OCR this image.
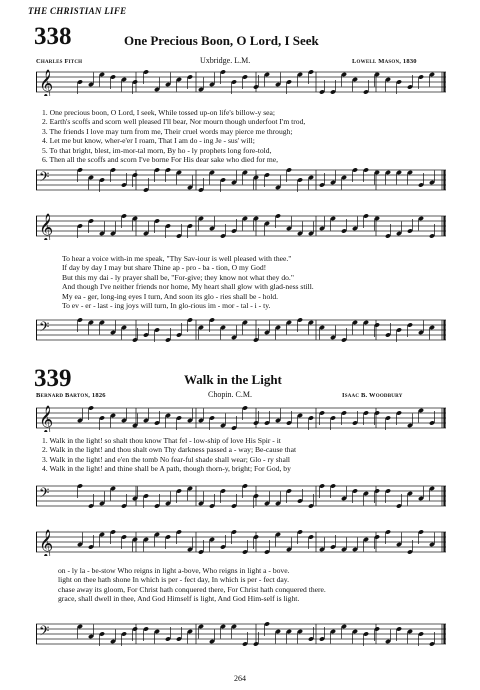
THE CHRISTIAN LIFE
338	One Precious Boon, O Lord, I Seek
Charles Fitch	Uxbridge. L.M.	Lowell Mason, 1830
𝄞
1. One precious boon, O Lord, I seek, While tossed up-on life's billow-y sea;
2. Earth's scoffs and scorn well pleased I'll bear, Nor mourn though underfoot I'm trod,
3. The friends I love may turn from me, Their cruel words may pierce me through;
4. Let me but know, wher-e'er I roam, That I am do - ing Je - sus' will;
5. To that bright, blest, im-mor-tal morn, By ho - ly prophets long fore-told,
6. Then all the scoffs and scorn I've borne For His dear sake who died for me,
𝄢
𝄞
To hear a voice with-in me speak, "Thy Sav-iour is well pleased with thee."
If day by day I may but share Thine ap - pro - ba - tion, O my God!
But this my dai - ly prayer shall be, "For-give; they know not what they do."
And though I've neither friends nor home, My heart shall glow with glad-ness still.
My ea - ger, long-ing eyes I turn, And soon its glo - ries shall be - hold.
To ev - er - last - ing joys will turn, In glo-rious im - mor - tal - i - ty.
𝄢
339	Walk in the Light
Bernard Barton, 1826	Chopin. C.M.	Isaac B. Woodbury
𝄞
1. Walk in the light! so shalt thou know That fel - low-ship of love His Spir - it
2. Walk in the light! and thou shalt own Thy darkness passed a - way; Be-cause that
3. Walk in the light! and e'en the tomb No fear-ful shade shall wear; Glo - ry shall
4. Walk in the light! and thine shall be A path, though thorn-y, bright; For God, by
𝄢
𝄞
on - ly la - be-stow Who reigns in light a-bove, Who reigns in light a - bove.
light on thee hath shone In which is per - fect day, In which is per - fect day.
chase away its gloom, For Christ hath conquered there, For Christ hath conquered there.
grace, shall dwell in thee, And God Himself is light, And God Him-self is light.
𝄢
264
